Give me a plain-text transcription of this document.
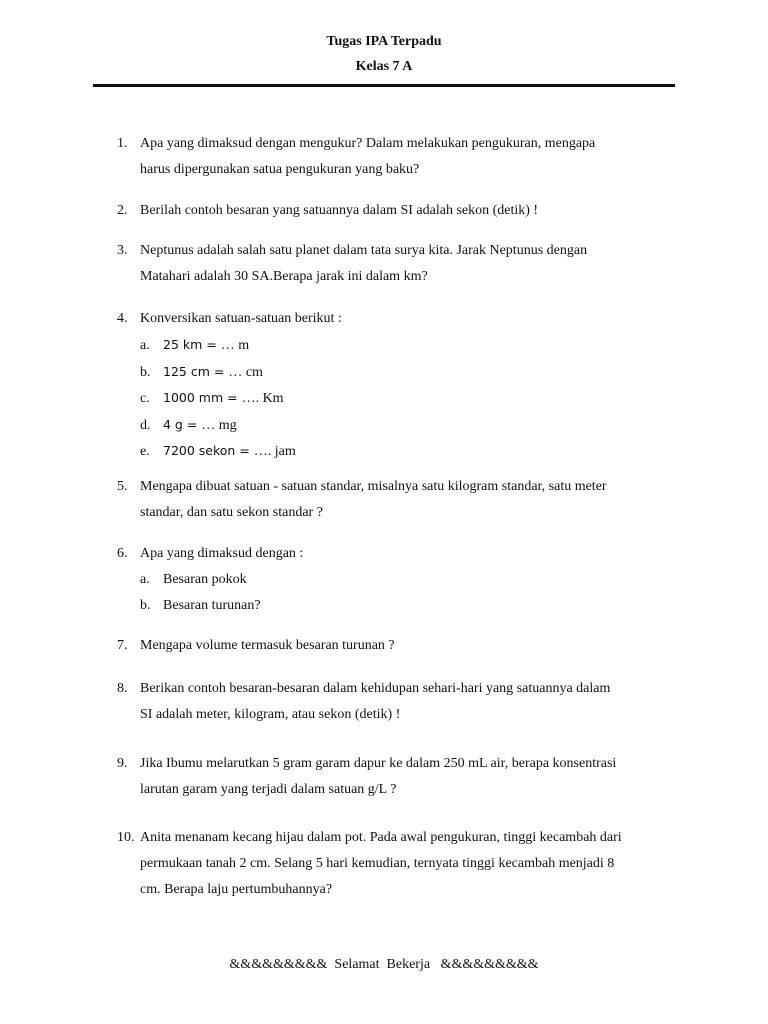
Tugas IPA Terpadu
Kelas 7 A
1. Apa yang dimaksud dengan mengukur? Dalam melakukan pengukuran, mengapa
harus dipergunakan satua pengukuran yang baku?
2. Berilah contoh besaran yang satuannya dalam SI adalah sekon (detik) !
3. Neptunus adalah salah satu planet dalam tata surya kita. Jarak Neptunus dengan
Matahari adalah 30 SA.Berapa jarak ini dalam km?
4. Konversikan satuan-satuan berikut :
a. 25 km = … m
b. 125 cm = … cm
c. 1000 mm = …. Km
d. 4 g = … mg
e. 7200 sekon = …. jam
5. Mengapa dibuat satuan - satuan standar, misalnya satu kilogram standar, satu meter
standar, dan satu sekon standar ?
6. Apa yang dimaksud dengan :
a. Besaran pokok
b. Besaran turunan?
7. Mengapa volume termasuk besaran turunan ?
8. Berikan contoh besaran-besaran dalam kehidupan sehari-hari yang satuannya dalam
SI adalah meter, kilogram, atau sekon (detik) !
9. Jika Ibumu melarutkan 5 gram garam dapur ke dalam 250 mL air, berapa konsentrasi
larutan garam yang terjadi dalam satuan g/L ?
10. Anita menanam kecang hijau dalam pot. Pada awal pengukuran, tinggi kecambah dari
permukaan tanah 2 cm. Selang 5 hari kemudian, ternyata tinggi kecambah menjadi 8
cm. Berapa laju pertumbuhannya?
&&&&&&&&&  Selamat  Bekerja   &&&&&&&&&
